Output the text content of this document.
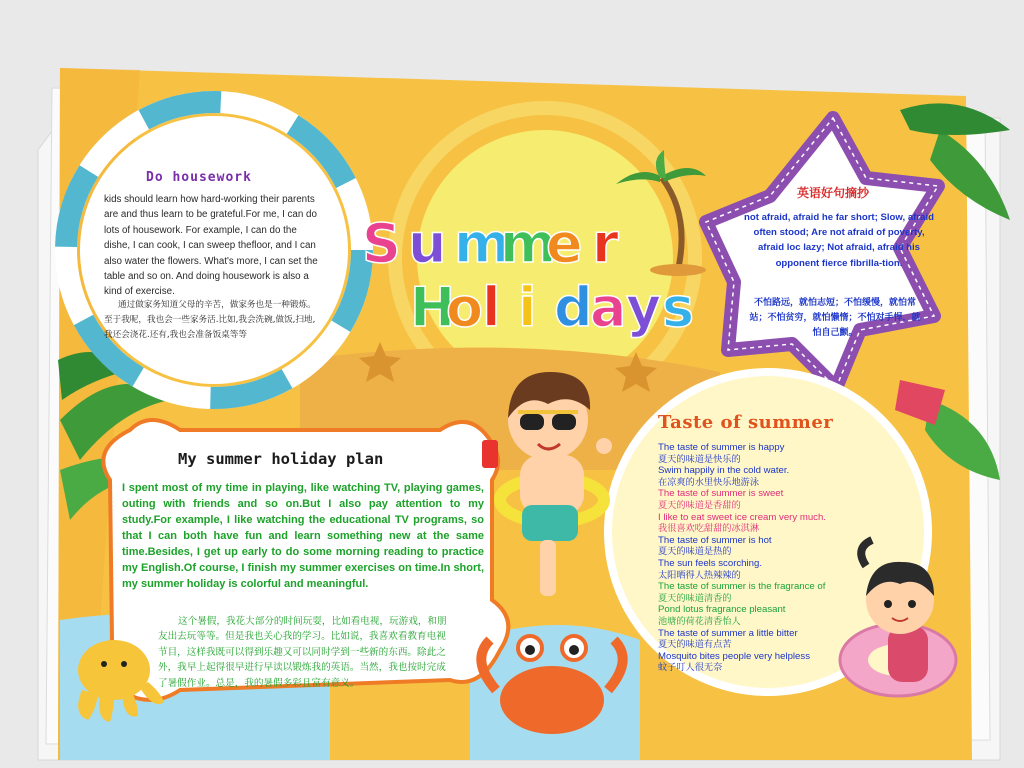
S u m
m
e r
H
o
l i d
a y s
Do housework

kids should learn how hard-working their parents are and thus learn to be grateful.For me, I can do lots of housework. For example, I can do the dishe, I can cook, I can sweep thefloor, and I can also water the flowers. What's more, I can set the table and so on. And doing housework is also a kind of exercise.

通过做家务知道父母的辛苦，做家务也是一种锻炼。至于我呢，我也会一些家务活.比如,我会洗碗,做饭,扫地,我还会浇花.还有,我也会准备饭桌等等

英语好句摘抄

not afraid, afraid he far short; Slow, afraid often stood; Are not afraid of poverty, afraid loc lazy; Not afraid, afraid his opponent fierce fibrilla-tion.

不怕路远，就怕志短；不怕缓慢，就怕常站；不怕贫穷，就怕懒惰；不怕对手悍，就怕自己颤。

My summer holiday plan

I spent most of my time in playing, like watching TV, playing games, outing with friends and so on.But I also pay attention to my study.For example, I like watching the educational TV programs, so that I can both have fun and learn something new at the same time.Besides, I get up early to do some morning reading to practice my English.Of course, I finish my summer exercises on time.In short, my summer holiday is colorful and meaningful.

这个暑假，我花大部分的时间玩耍，比如看电视，玩游戏，和朋友出去玩等等。但是我也关心我的学习。比如说，我喜欢看教育电视节目，这样我既可以得到乐趣又可以同时学到一些新的东西。除此之外，我早上起得很早进行早读以锻炼我的英语。当然，我也按时完成了暑假作业。总是，我的暑假多彩且富有意义。

Taste of summer
The taste of summer is happy
夏天的味道是快乐的
Swim happily in the cold water.
在凉爽的水里快乐地游泳
The taste of summer is sweet
夏天的味道是香甜的
I like to eat sweet ice cream very much.
我很喜欢吃甜甜的冰淇淋
The taste of summer is hot
夏天的味道是热的
The sun feels scorching.
太阳晒得人热辣辣的
The taste of summer is the fragrance of
夏天的味道清香的
Pond lotus fragrance pleasant
池塘的荷花清香怡人
The taste of summer a little bitter
夏天的味道有点苦
Mosquito bites people very helpless
蚊子叮人很无奈
